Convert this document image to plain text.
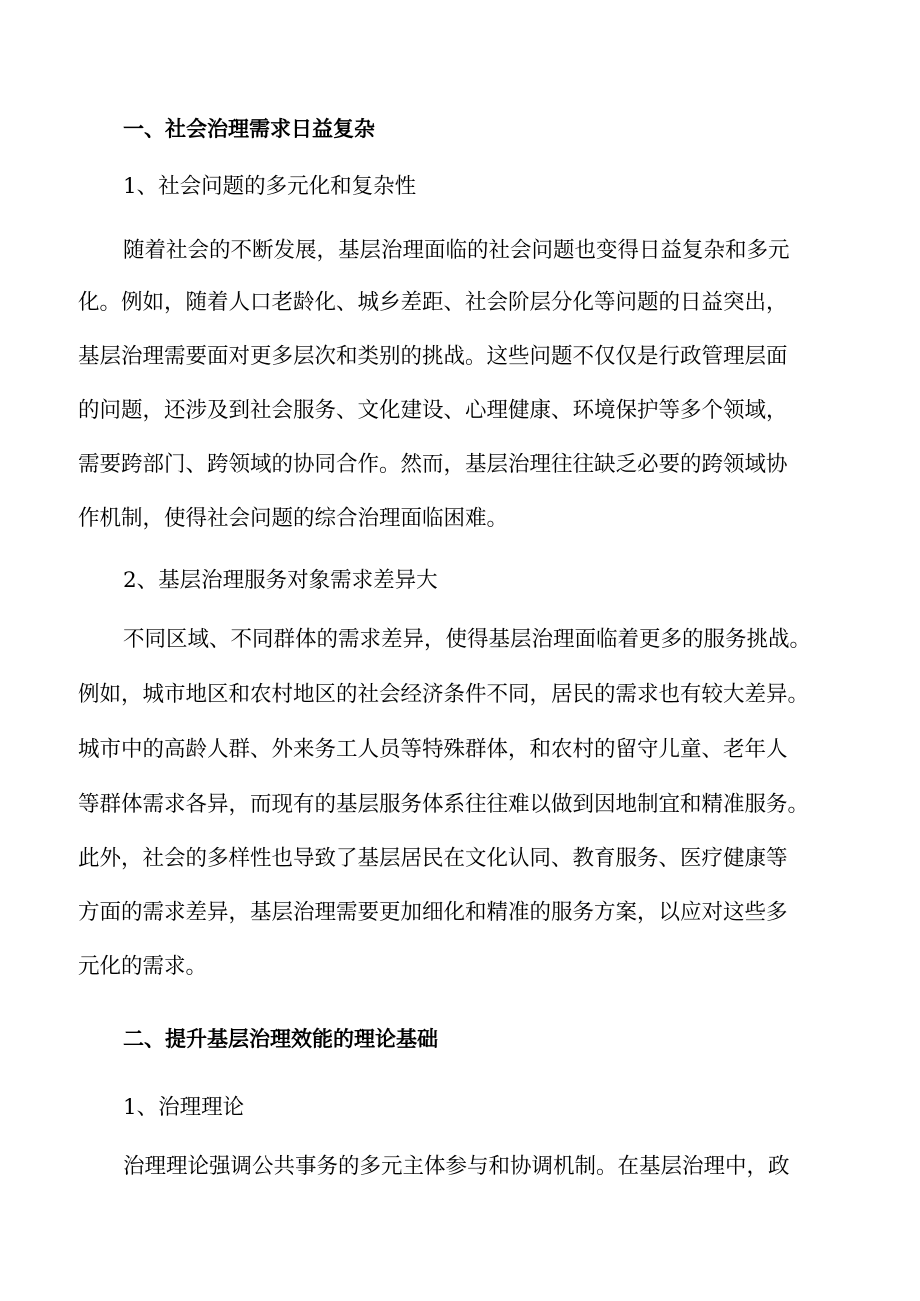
一、社会治理需求日益复杂
1、社会问题的多元化和复杂性
随着社会的不断发展，基层治理面临的社会问题也变得日益复杂和多元
化。例如，随着人口老龄化、城乡差距、社会阶层分化等问题的日益突出，
基层治理需要面对更多层次和类别的挑战。这些问题不仅仅是行政管理层面
的问题，还涉及到社会服务、文化建设、心理健康、环境保护等多个领域，
需要跨部门、跨领域的协同合作。然而，基层治理往往缺乏必要的跨领域协
作机制，使得社会问题的综合治理面临困难。
2、基层治理服务对象需求差异大
不同区域、不同群体的需求差异，使得基层治理面临着更多的服务挑战。
例如，城市地区和农村地区的社会经济条件不同，居民的需求也有较大差异。
城市中的高龄人群、外来务工人员等特殊群体，和农村的留守儿童、老年人
等群体需求各异，而现有的基层服务体系往往难以做到因地制宜和精准服务。
此外，社会的多样性也导致了基层居民在文化认同、教育服务、医疗健康等
方面的需求差异，基层治理需要更加细化和精准的服务方案，以应对这些多
元化的需求。
二、提升基层治理效能的理论基础
1、治理理论
治理理论强调公共事务的多元主体参与和协调机制。在基层治理中，政
